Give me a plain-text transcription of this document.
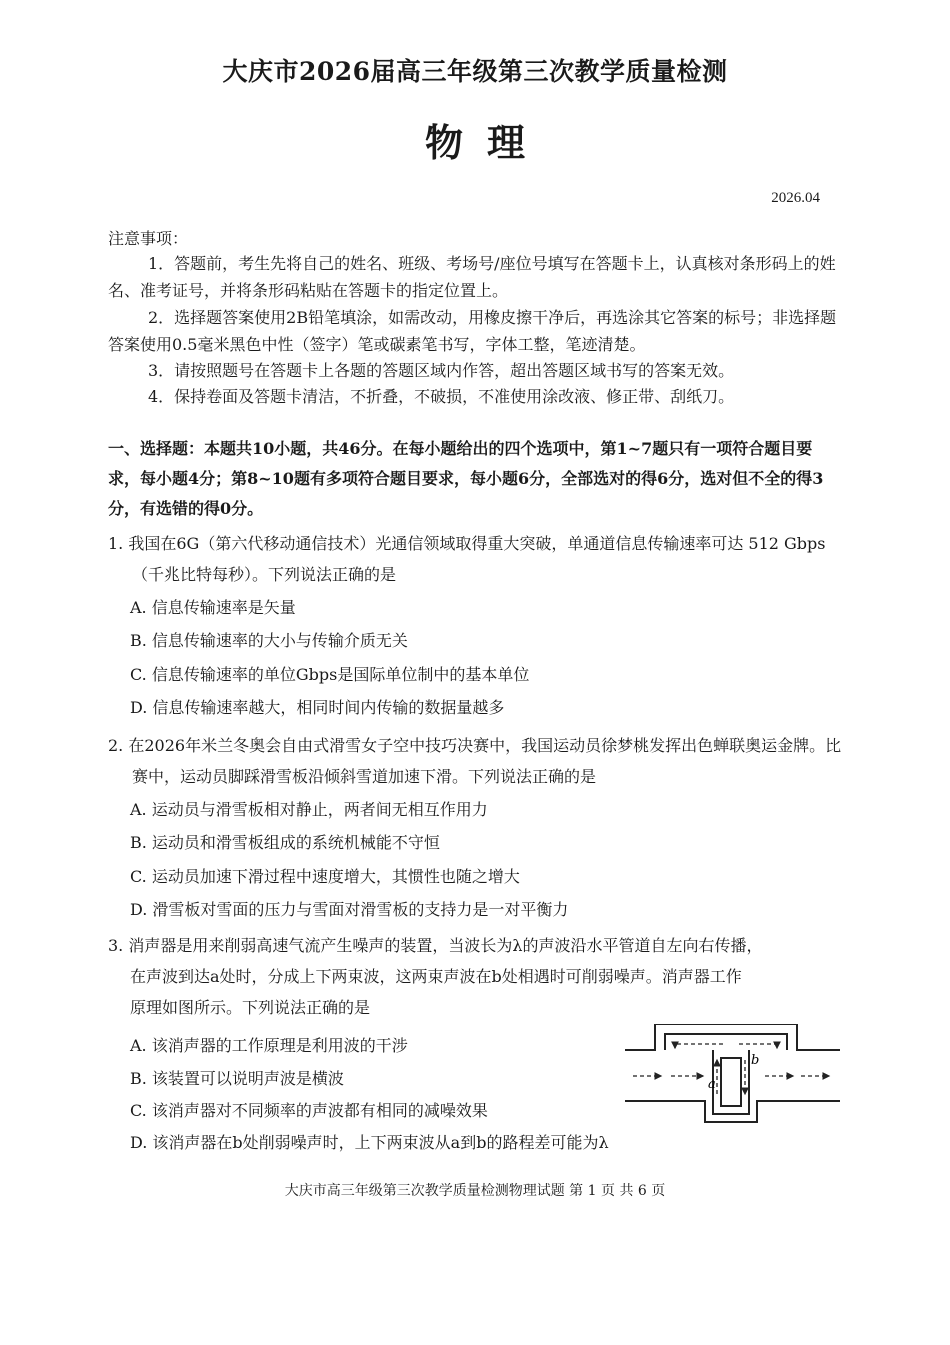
大庆市2026届高三年级第三次教学质量检测
物理
2026.04
注意事项：
1．答题前，考生先将自己的姓名、班级、考场号/座位号填写在答题卡上，认真核对条形码上的姓名、准考证号，并将条形码粘贴在答题卡的指定位置上。
2．选择题答案使用2B铅笔填涂，如需改动，用橡皮擦干净后，再选涂其它答案的标号；非选择题答案使用0.5毫米黑色中性（签字）笔或碳素笔书写，字体工整，笔迹清楚。
3．请按照题号在答题卡上各题的答题区域内作答，超出答题区域书写的答案无效。
4．保持卷面及答题卡清洁，不折叠，不破损，不准使用涂改液、修正带、刮纸刀。
一、选择题：本题共10小题，共46分。在每小题给出的四个选项中，第1~7题只有一项符合题目要求，每小题4分；第8~10题有多项符合题目要求，每小题6分，全部选对的得6分，选对但不全的得3分，有选错的得0分。
1. 我国在6G（第六代移动通信技术）光通信领域取得重大突破，单通道信息传输速率可达 512 Gbps（千兆比特每秒）。下列说法正确的是
A. 信息传输速率是矢量
B. 信息传输速率的大小与传输介质无关
C. 信息传输速率的单位Gbps是国际单位制中的基本单位
D. 信息传输速率越大，相同时间内传输的数据量越多
2. 在2026年米兰冬奥会自由式滑雪女子空中技巧决赛中，我国运动员徐梦桃发挥出色蝉联奥运金牌。比赛中，运动员脚踩滑雪板沿倾斜雪道加速下滑。下列说法正确的是
A. 运动员与滑雪板相对静止，两者间无相互作用力
B. 运动员和滑雪板组成的系统机械能不守恒
C. 运动员加速下滑过程中速度增大，其惯性也随之增大
D. 滑雪板对雪面的压力与雪面对滑雪板的支持力是一对平衡力
3. 消声器是用来削弱高速气流产生噪声的装置，当波长为λ的声波沿水平管道自左向右传播，
在声波到达a处时，分成上下两束波，这两束声波在b处相遇时可削弱噪声。消声器工作
原理如图所示。下列说法正确的是
A. 该消声器的工作原理是利用波的干涉
B. 该装置可以说明声波是横波
C. 该消声器对不同频率的声波都有相同的减噪效果
D. 该消声器在b处削弱噪声时，上下两束波从a到b的路程差可能为λ
a
b
大庆市高三年级第三次教学质量检测物理试题 第 1 页 共 6 页
